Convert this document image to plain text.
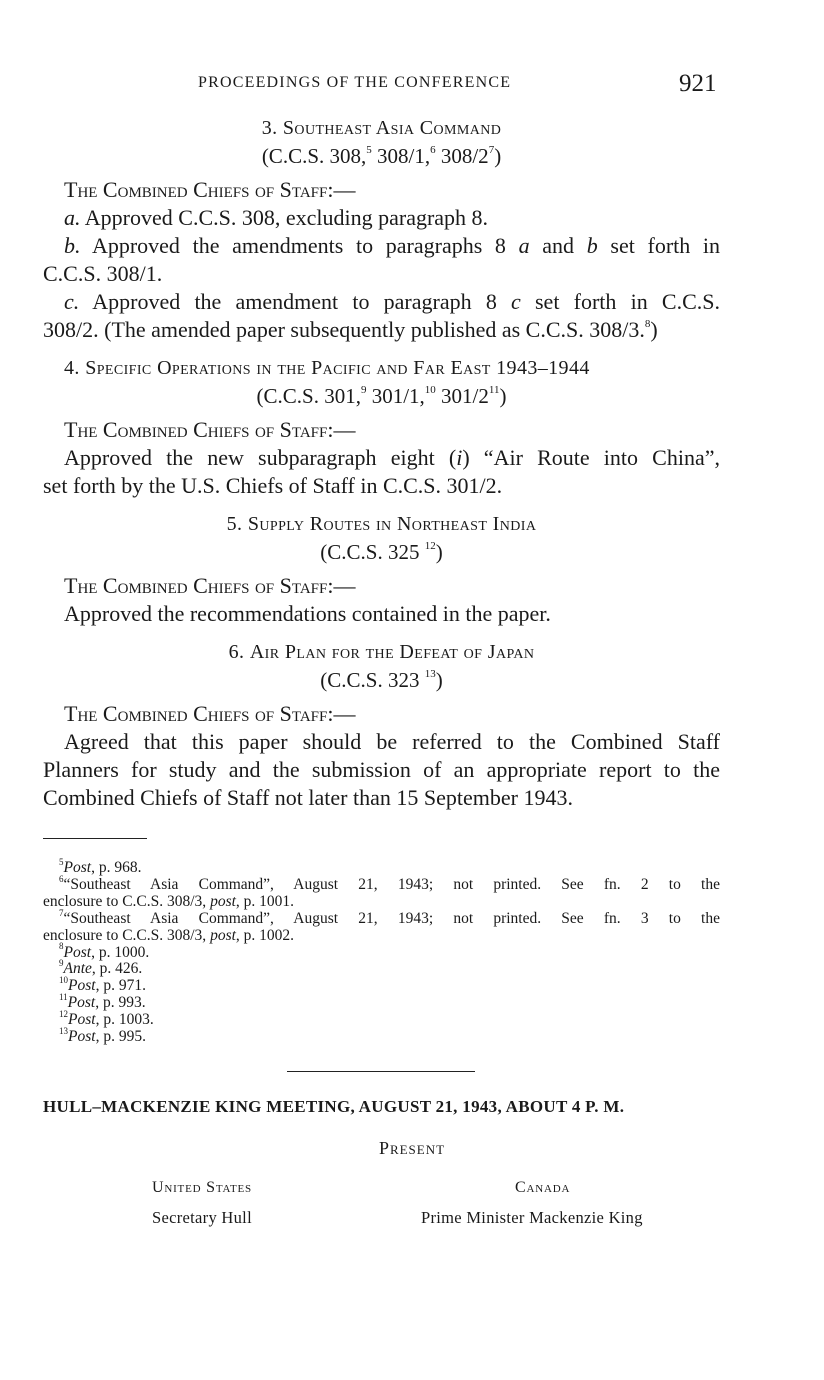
PROCEEDINGS OF THE CONFERENCE	921
3. Southeast Asia Command
(C.C.S. 308,$^5$ 308/1,$^6$ $308/2^7$)
The Combined Chiefs of Staff:—
a. Approved C.C.S. 308, excluding paragraph 8.
b. Approved the amendments to paragraphs 8 a and b set forth in
C.C.S. 308/1.
c. Approved the amendment to paragraph 8 c set forth in C.C.S.
308/2. (The amended paper subsequently published as C.C.S. 308/3.$^8$)
4. Specific Operations in the Pacific and Far East 1943–1944
(C.C.S. 301,$^9$ 301/1,10 $301/2^{11}$)
The Combined Chiefs of Staff:—
Approved the new subparagraph eight (i) “Air Route into China”,
set forth by the U.S. Chiefs of Staff in C.C.S. 301/2.
5. Supply Routes in Northeast India
(C.C.S. 325 $^{12}$)
The Combined Chiefs of Staff:—
Approved the recommendations contained in the paper.
6. Air Plan for the Defeat of Japan
(C.C.S. 323 $^{13}$)
The Combined Chiefs of Staff:—
Agreed that this paper should be referred to the Combined Staff
Planners for study and the submission of an appropriate report to the
Combined Chiefs of Staff not later than 15 September 1943.
$^5$Post, p. 968.
$^6$“Southeast Asia Command”, August 21, 1943; not printed. See fn. 2 to the
enclosure to C.C.S. 308/3, post, p. 1001.
$^7$“Southeast Asia Command”, August 21, 1943; not printed. See fn. 3 to the
enclosure to C.C.S. 308/3, post, p. 1002.
$^8$Post, p. 1000.
$^9$Ante, p. 426.
$^{10}$Post, p. 971.
$^{11}$Post, p. 993.
$^{12}$Post, p. 1003.
$^{13}$Post, p. 995.
HULL–MACKENZIE KING MEETING, AUGUST 21, 1943, ABOUT 4 P. M.
Present
United States
Secretary Hull
Canada
Prime Minister Mackenzie King
